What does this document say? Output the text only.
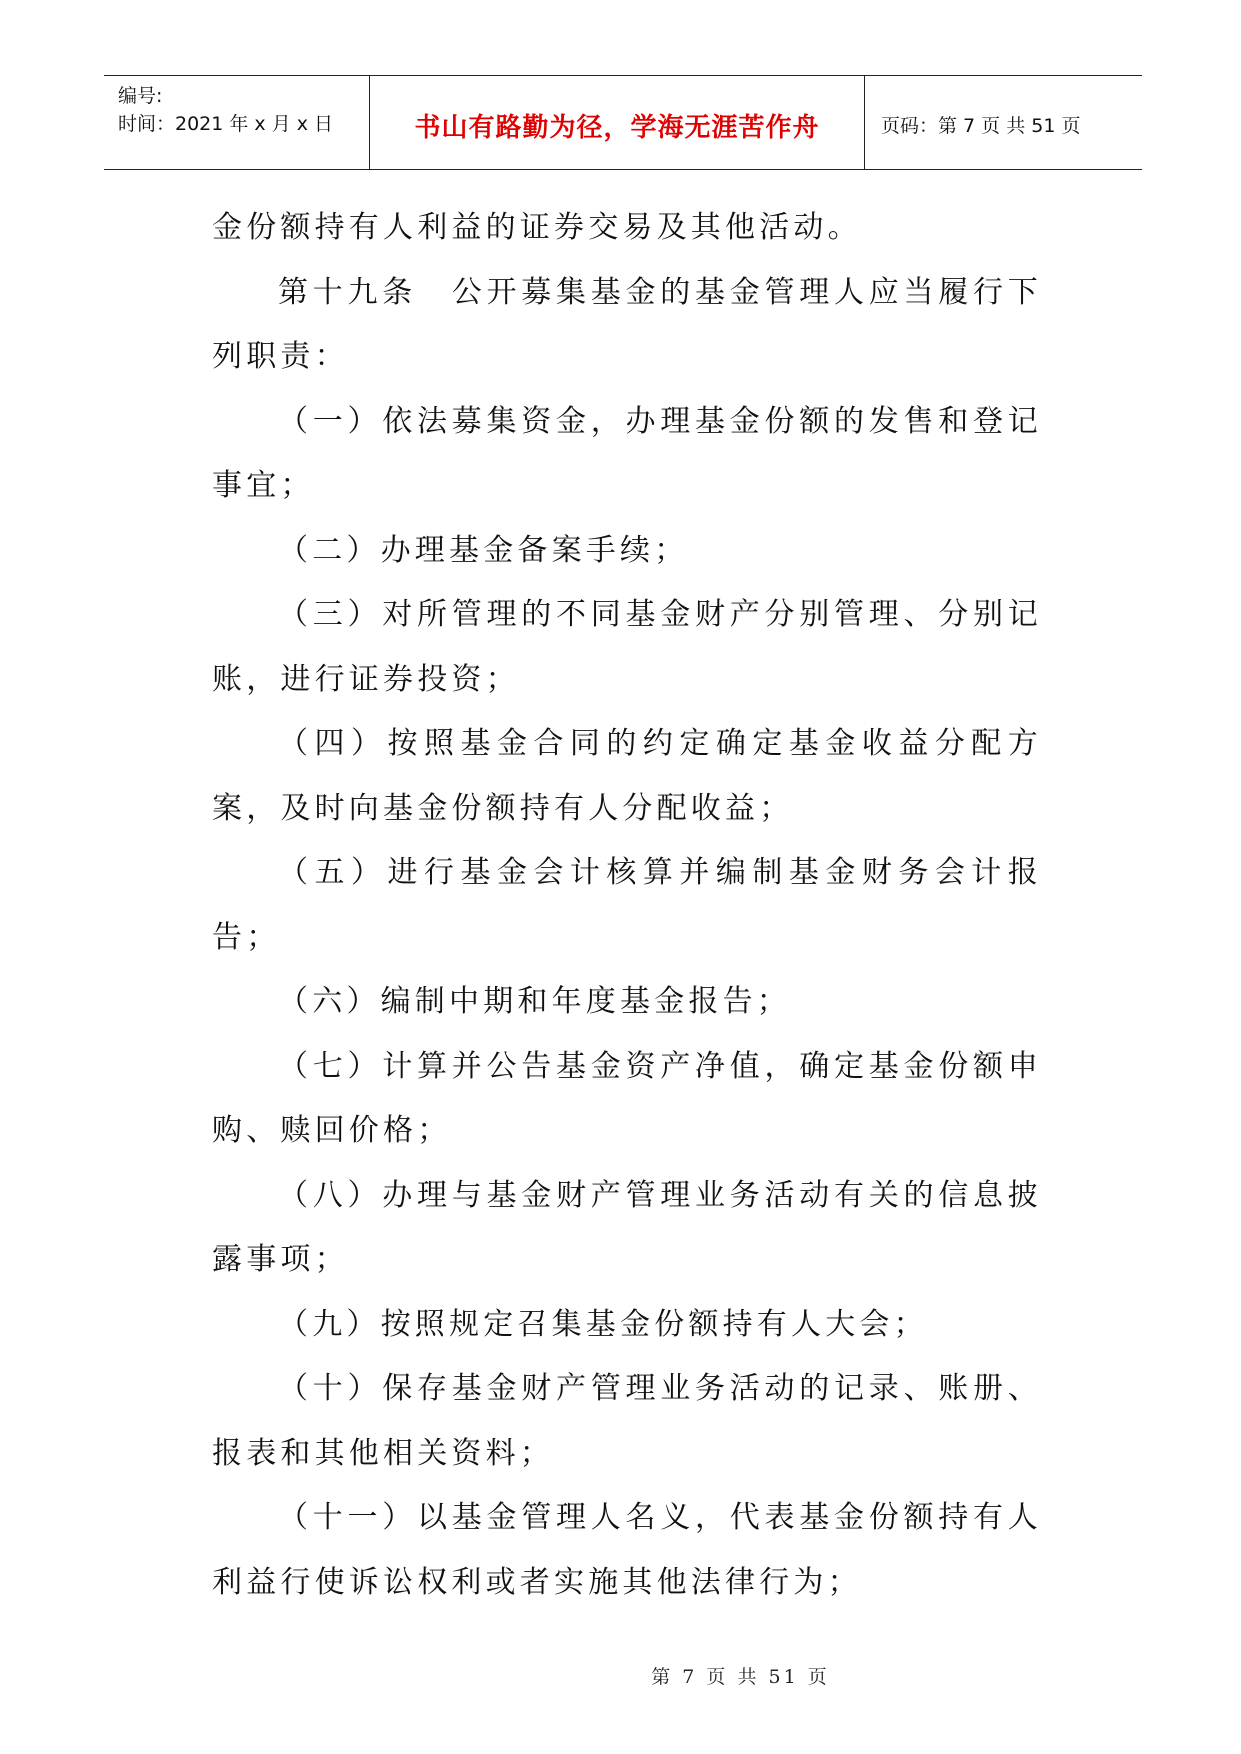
编号:
时间：2021 年 x 月 x 日	书山有路勤为径，学海无涯苦作舟	页码：第 7 页 共 51 页

金份额持有人利益的证券交易及其他活动。

第十九条　公开募集基金的基金管理人应当履行下列职责：

（一）依法募集资金，办理基金份额的发售和登记事宜；

（二）办理基金备案手续；

（三）对所管理的不同基金财产分别管理、分别记账，进行证券投资；

（四）按照基金合同的约定确定基金收益分配方案，及时向基金份额持有人分配收益；

（五）进行基金会计核算并编制基金财务会计报告；

（六）编制中期和年度基金报告；

（七）计算并公告基金资产净值，确定基金份额申购、赎回价格；

（八）办理与基金财产管理业务活动有关的信息披露事项；

（九）按照规定召集基金份额持有人大会；

（十）保存基金财产管理业务活动的记录、账册、报表和其他相关资料；

（十一）以基金管理人名义，代表基金份额持有人利益行使诉讼权利或者实施其他法律行为；

第 7 页 共 51 页
